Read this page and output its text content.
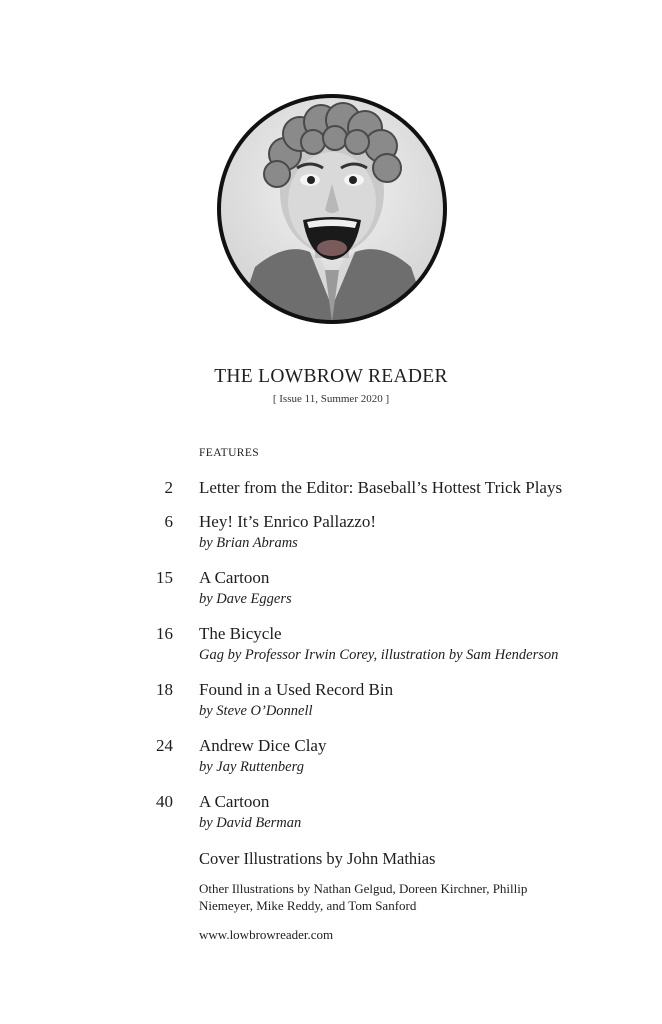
THE LOWBROW READER
[ Issue 11, Summer 2020 ]
FEATURES
2 Letter from the Editor: Baseball’s Hottest Trick Plays
6 Hey! It’s Enrico Pallazzo!
by Brian Abrams
15 A Cartoon
by Dave Eggers
16 The Bicycle
Gag by Professor Irwin Corey, illustration by Sam Henderson
18 Found in a Used Record Bin
by Steve O’Donnell
24 Andrew Dice Clay
by Jay Ruttenberg
40 A Cartoon
by David Berman
Cover Illustrations by John Mathias
Other Illustrations by Nathan Gelgud, Doreen Kirchner, Phillip Niemeyer, Mike Reddy, and Tom Sanford
www.lowbrowreader.com
